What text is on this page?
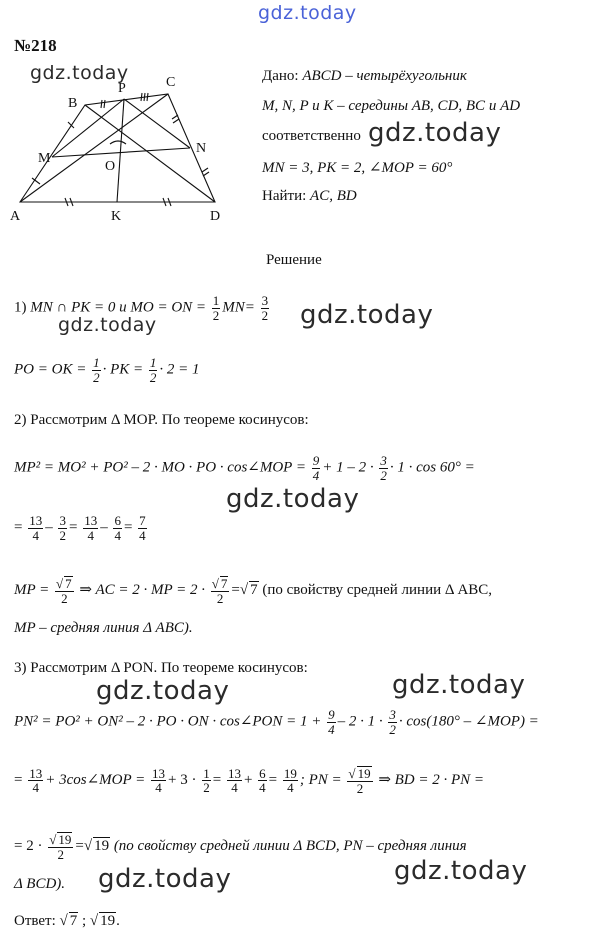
gdz.today
№218
A
B
C
D
M
N
P
K
O
gdz.today	Дано: ABCD – четырёхугольник
M, N, P и K – середины AB, CD, BC и AD
соответственно gdz.today
MN = 3, PK = 2, ∠MOP = 60°
Найти: AC, BD
Решение
1) MN ∩ PK = 0 и MO = ON = $\frac{1}{2} MN= \frac{3}{2}$ gdz.today
gdz.today
PO = OK = $\frac{1}{2}$ · PK = $\frac{1}{2} \cdot 2 = 1$
2) Рассмотрим Δ MOP. По теореме косинусов:
MP² = MO² + PO² – 2 · MO · PO · cos∠MOP = $\frac{9}{4} + 1 - 2 \cdot \frac{3}{2} \cdot 1 \cdot \cos 60^\circ$ =
gdz.today
= $\frac{13}{4} - \frac{3}{2} = \frac{13}{4} - \frac{6}{4} = \frac{7}{4}$
MP = √ $\frac{7}{2}$ ⇒ AC = 2 · MP = 2 · √ $\frac{7}{2}$ = √ 7 (по свойству средней линии Δ ABC,
MP – средняя линия Δ ABC).
3) Рассмотрим Δ PON. По теореме косинусов:
gdz.today	gdz.today
PN² = PO² + ON² – 2 · PO · ON · cos∠PON = $1 + \frac{9}{4} - 2 \cdot 1 \cdot \frac{3}{2} \cdot \cos(180^\circ$ – ∠MOP) =
= $\frac{13}{4}$ + 3cos∠MOP = $\frac{13}{4} + 3 \cdot \frac{1}{2} = \frac{13}{4} + \frac{6}{4} = \frac{19}{4}$ ; PN = √ $\frac{19}{2}$ ⇒ BD = 2 · PN =
= 2 · √ $\frac{19}{2}$ = √ 19 (по свойству средней линии Δ BCD, PN – средняя линия
Δ BCD). gdz.today	gdz.today
Ответ: √ 7 ; √ 19.
